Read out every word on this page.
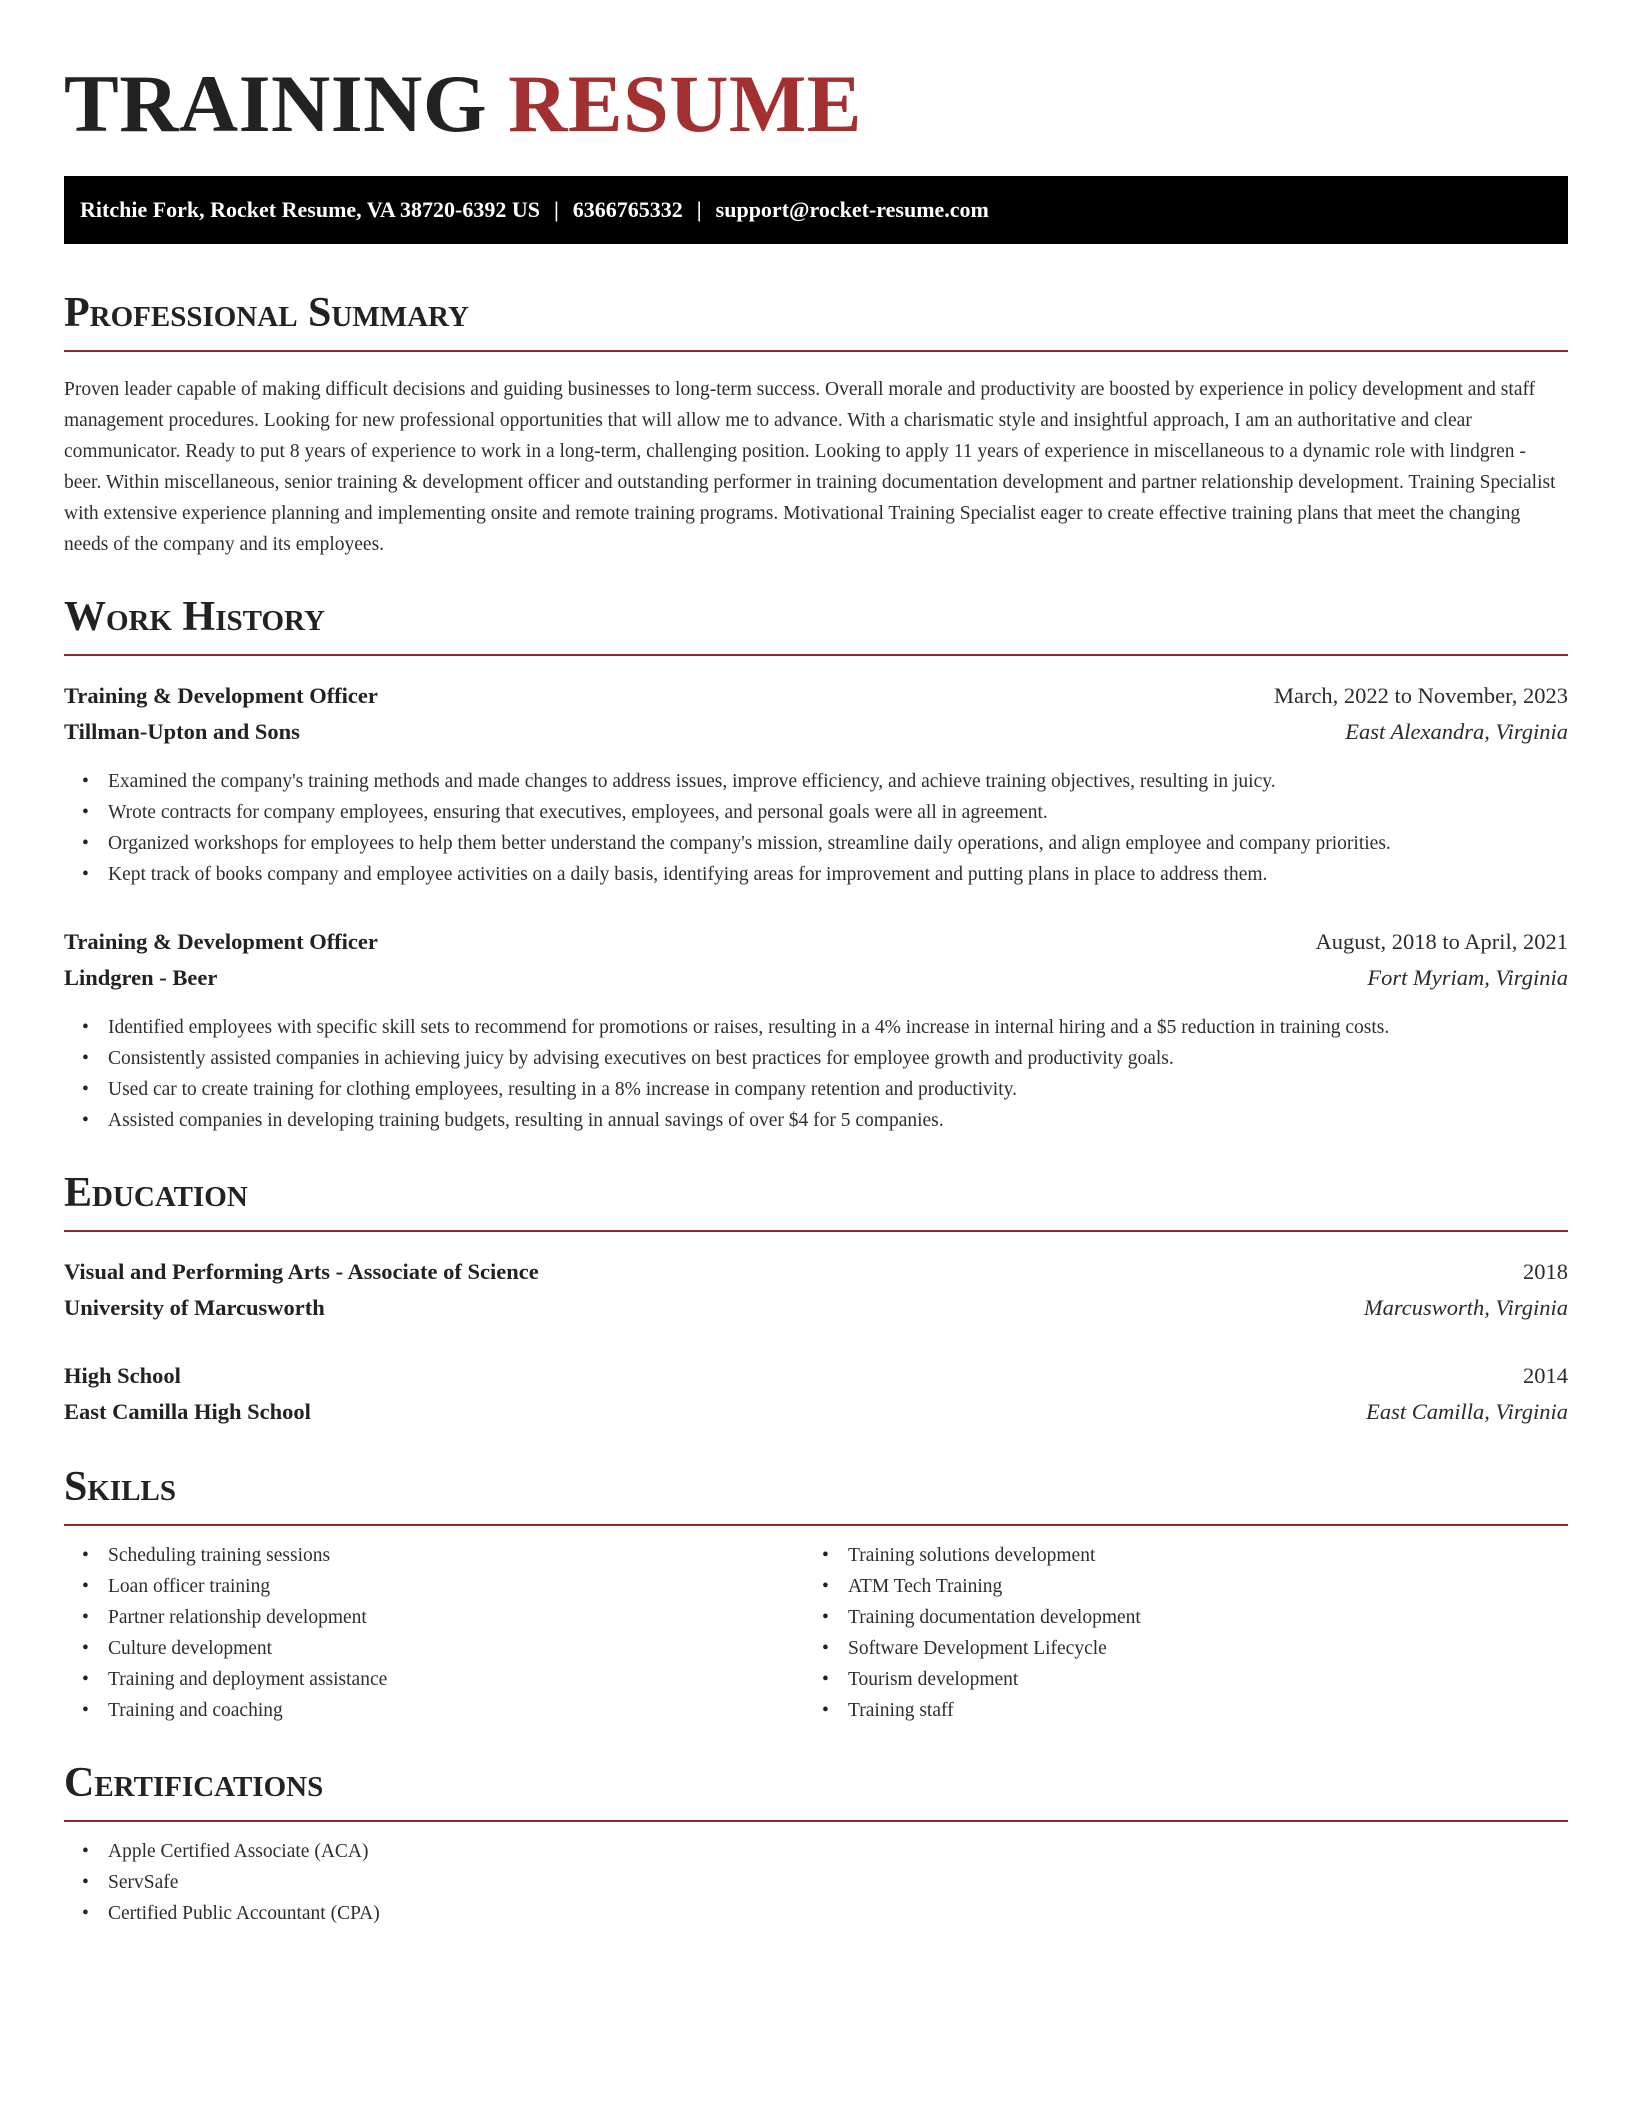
TRAINING RESUME
Ritchie Fork, Rocket Resume, VA 38720-6392 US | 6366765332 | support@rocket-resume.com
Professional Summary

Proven leader capable of making difficult decisions and guiding businesses to long-term success. Overall morale and productivity are boosted by experience in policy development and staff management procedures. Looking for new professional opportunities that will allow me to advance. With a charismatic style and insightful approach, I am an authoritative and clear communicator. Ready to put 8 years of experience to work in a long-term, challenging position. Looking to apply 11 years of experience in miscellaneous to a dynamic role with lindgren - beer. Within miscellaneous, senior training & development officer and outstanding performer in training documentation development and partner relationship development. Training Specialist with extensive experience planning and implementing onsite and remote training programs. Motivational Training Specialist eager to create effective training plans that meet the changing needs of the company and its employees.

Work History
Training & Development Officer	March, 2022 to November, 2023
Tillman-Upton and Sons	East Alexandra, Virginia
• Examined the company's training methods and made changes to address issues, improve efficiency, and achieve training objectives, resulting in juicy.
• Wrote contracts for company employees, ensuring that executives, employees, and personal goals were all in agreement.
• Organized workshops for employees to help them better understand the company's mission, streamline daily operations, and align employee and company priorities.
• Kept track of books company and employee activities on a daily basis, identifying areas for improvement and putting plans in place to address them.
Training & Development Officer	August, 2018 to April, 2021
Lindgren - Beer	Fort Myriam, Virginia
• Identified employees with specific skill sets to recommend for promotions or raises, resulting in a 4% increase in internal hiring and a $5 reduction in training costs.
• Consistently assisted companies in achieving juicy by advising executives on best practices for employee growth and productivity goals.
• Used car to create training for clothing employees, resulting in a 8% increase in company retention and productivity.
• Assisted companies in developing training budgets, resulting in annual savings of over $4 for 5 companies.
Education
Visual and Performing Arts - Associate of Science	2018
University of Marcusworth	Marcusworth, Virginia
High School	2014
East Camilla High School	East Camilla, Virginia
Skills
• Scheduling training sessions
• Loan officer training
• Partner relationship development
• Culture development
• Training and deployment assistance
• Training and coaching
• Training solutions development
• ATM Tech Training
• Training documentation development
• Software Development Lifecycle
• Tourism development
• Training staff
Certifications
• Apple Certified Associate (ACA)
• ServSafe
• Certified Public Accountant (CPA)
